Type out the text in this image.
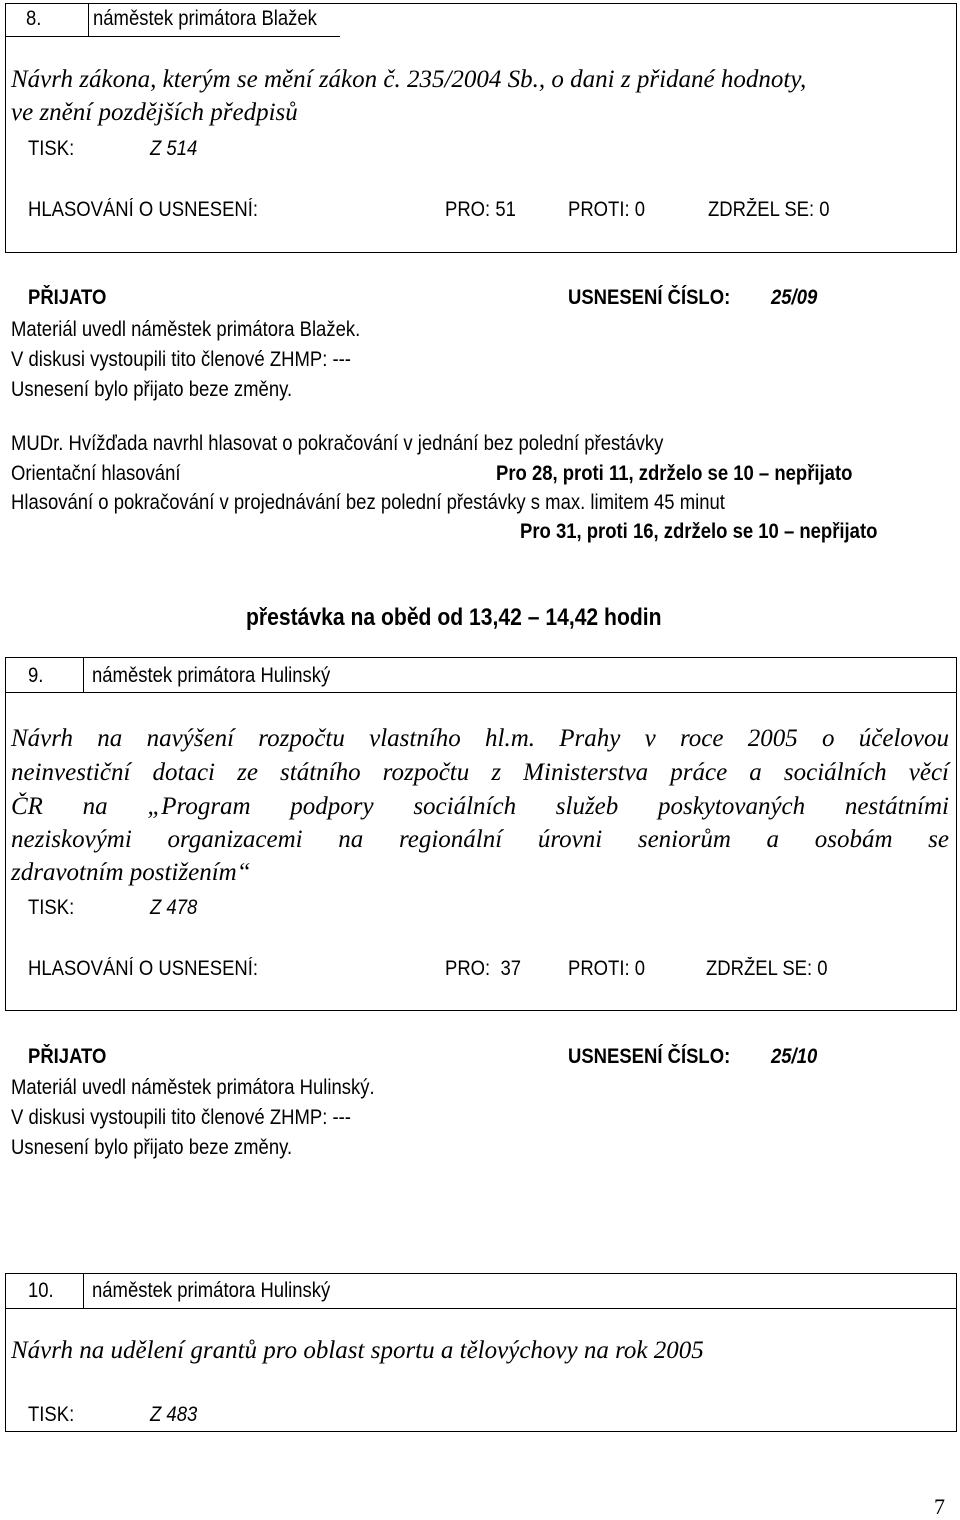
8. náměstek primátora Blažek
Návrh zákona, kterým se mění zákon č. 235/2004 Sb., o dani z přidané hodnoty,
ve znění pozdějších předpisů
TISK:	Z 514
HLASOVÁNÍ O USNESENÍ:	PRO: 51 PROTI: 0	ZDRŽEL SE: 0
PŘIJATO	USNESENÍ ČÍSLO: 25/09
Materiál uvedl náměstek primátora Blažek.
V diskusi vystoupili tito členové ZHMP: ---
Usnesení bylo přijato beze změny.
MUDr. Hvížďada navrhl hlasovat o pokračování v jednání bez polední přestávky
Orientační hlasování	Pro 28, proti 11, zdrželo se 10 – nepřijato
Hlasování o pokračování v projednávání bez polední přestávky s max. limitem 45 minut
Pro 31, proti 16, zdrželo se 10 – nepřijato
přestávka na oběd od 13,42 – 14,42 hodin
9. náměstek primátora Hulinský
Návrh na navýšení rozpočtu vlastního hl.m. Prahy v roce 2005 o účelovou
neinvestiční dotaci ze státního rozpočtu z Ministerstva práce a sociálních věcí
ČR na „Program podpory sociálních služeb poskytovaných nestátními
neziskovými organizacemi na regionální úrovni seniorům a osobám se
zdravotním postižením“
TISK:	Z 478
HLASOVÁNÍ O USNESENÍ:	PRO:  37 PROTI: 0	ZDRŽEL SE: 0
PŘIJATO	USNESENÍ ČÍSLO: 25/10
Materiál uvedl náměstek primátora Hulinský.
V diskusi vystoupili tito členové ZHMP: ---
Usnesení bylo přijato beze změny.
10. náměstek primátora Hulinský
Návrh na udělení grantů pro oblast sportu a tělovýchovy na rok 2005
TISK:	Z 483
7
